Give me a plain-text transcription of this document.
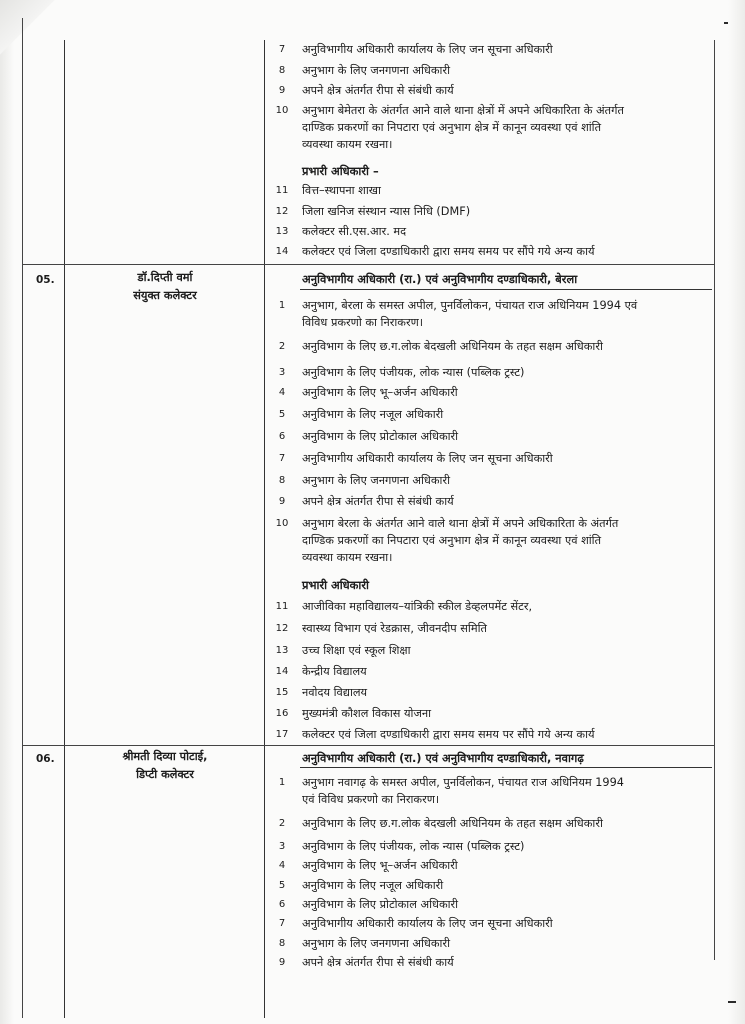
7	अनुविभागीय अधिकारी कार्यालय के लिए जन सूचना अधिकारी
8	अनुभाग के लिए जनगणना अधिकारी
9	अपने क्षेत्र अंतर्गत रीपा से संबंधी कार्य
10	अनुभाग बेमेतरा के अंतर्गत आने वाले थाना क्षेत्रों में अपने अधिकारिता के अंतर्गत
दाण्डिक प्रकरणों का निपटारा एवं अनुभाग क्षेत्र में कानून व्यवस्था एवं शांति
व्यवस्था कायम रखना।
प्रभारी अधिकारी –
11	वित्त–स्थापना शाखा
12	जिला खनिज संस्थान न्यास निधि (DMF)
13	कलेक्टर सी.एस.आर. मद
14	कलेक्टर एवं जिला दण्डाधिकारी द्वारा समय समय पर सौंपे गये अन्य कार्य
05.	डॉ.दिप्ती वर्मा
संयुक्त कलेक्टर
अनुविभागीय अधिकारी (रा.) एवं अनुविभागीय दण्डाधिकारी, बेरला
1	अनुभाग, बेरला के समस्त अपील, पुनर्विलोकन, पंचायत राज अधिनियम 1994 एवं
विविध प्रकरणो का निराकरण।
2	अनुविभाग के लिए छ.ग.लोक बेदखली अधिनियम के तहत सक्षम अधिकारी
3	अनुविभाग के लिए पंजीयक, लोक न्यास (पब्लिक ट्रस्ट)
4	अनुविभाग के लिए भू–अर्जन अधिकारी
5	अनुविभाग के लिए नजूल अधिकारी
6	अनुविभाग के लिए प्रोटोकाल अधिकारी
7	अनुविभागीय अधिकारी कार्यालय के लिए जन सूचना अधिकारी
8	अनुभाग के लिए जनगणना अधिकारी
9	अपने क्षेत्र अंतर्गत रीपा से संबंधी कार्य
10	अनुभाग बेरला के अंतर्गत आने वाले थाना क्षेत्रों में अपने अधिकारिता के अंतर्गत
दाण्डिक प्रकरणों का निपटारा एवं अनुभाग क्षेत्र में कानून व्यवस्था एवं शांति
व्यवस्था कायम रखना।
प्रभारी अधिकारी
11	आजीविका महाविद्यालय–यांत्रिकी स्कील डेव्हलपमेंट सेंटर,
12	स्वास्थ्य विभाग एवं रेडक्रास, जीवनदीप समिति
13	उच्च शिक्षा एवं स्कूल शिक्षा
14	केन्द्रीय विद्यालय
15	नवोदय विद्यालय
16	मुख्यमंत्री कौशल विकास योजना
17	कलेक्टर एवं जिला दण्डाधिकारी द्वारा समय समय पर सौंपे गये अन्य कार्य
06.	श्रीमती दिव्या पोटाई,
डिप्टी कलेक्टर
अनुविभागीय अधिकारी (रा.) एवं अनुविभागीय दण्डाधिकारी, नवागढ़
1	अनुभाग नवागढ़ के समस्त अपील, पुनर्विलोकन, पंचायत राज अधिनियम 1994
एवं विविध प्रकरणो का निराकरण।
2	अनुविभाग के लिए छ.ग.लोक बेदखली अधिनियम के तहत सक्षम अधिकारी
3	अनुविभाग के लिए पंजीयक, लोक न्यास (पब्लिक ट्रस्ट)
4	अनुविभाग के लिए भू–अर्जन अधिकारी
5	अनुविभाग के लिए नजूल अधिकारी
6	अनुविभाग के लिए प्रोटोकाल अधिकारी
7	अनुविभागीय अधिकारी कार्यालय के लिए जन सूचना अधिकारी
8	अनुभाग के लिए जनगणना अधिकारी
9	अपने क्षेत्र अंतर्गत रीपा से संबंधी कार्य
